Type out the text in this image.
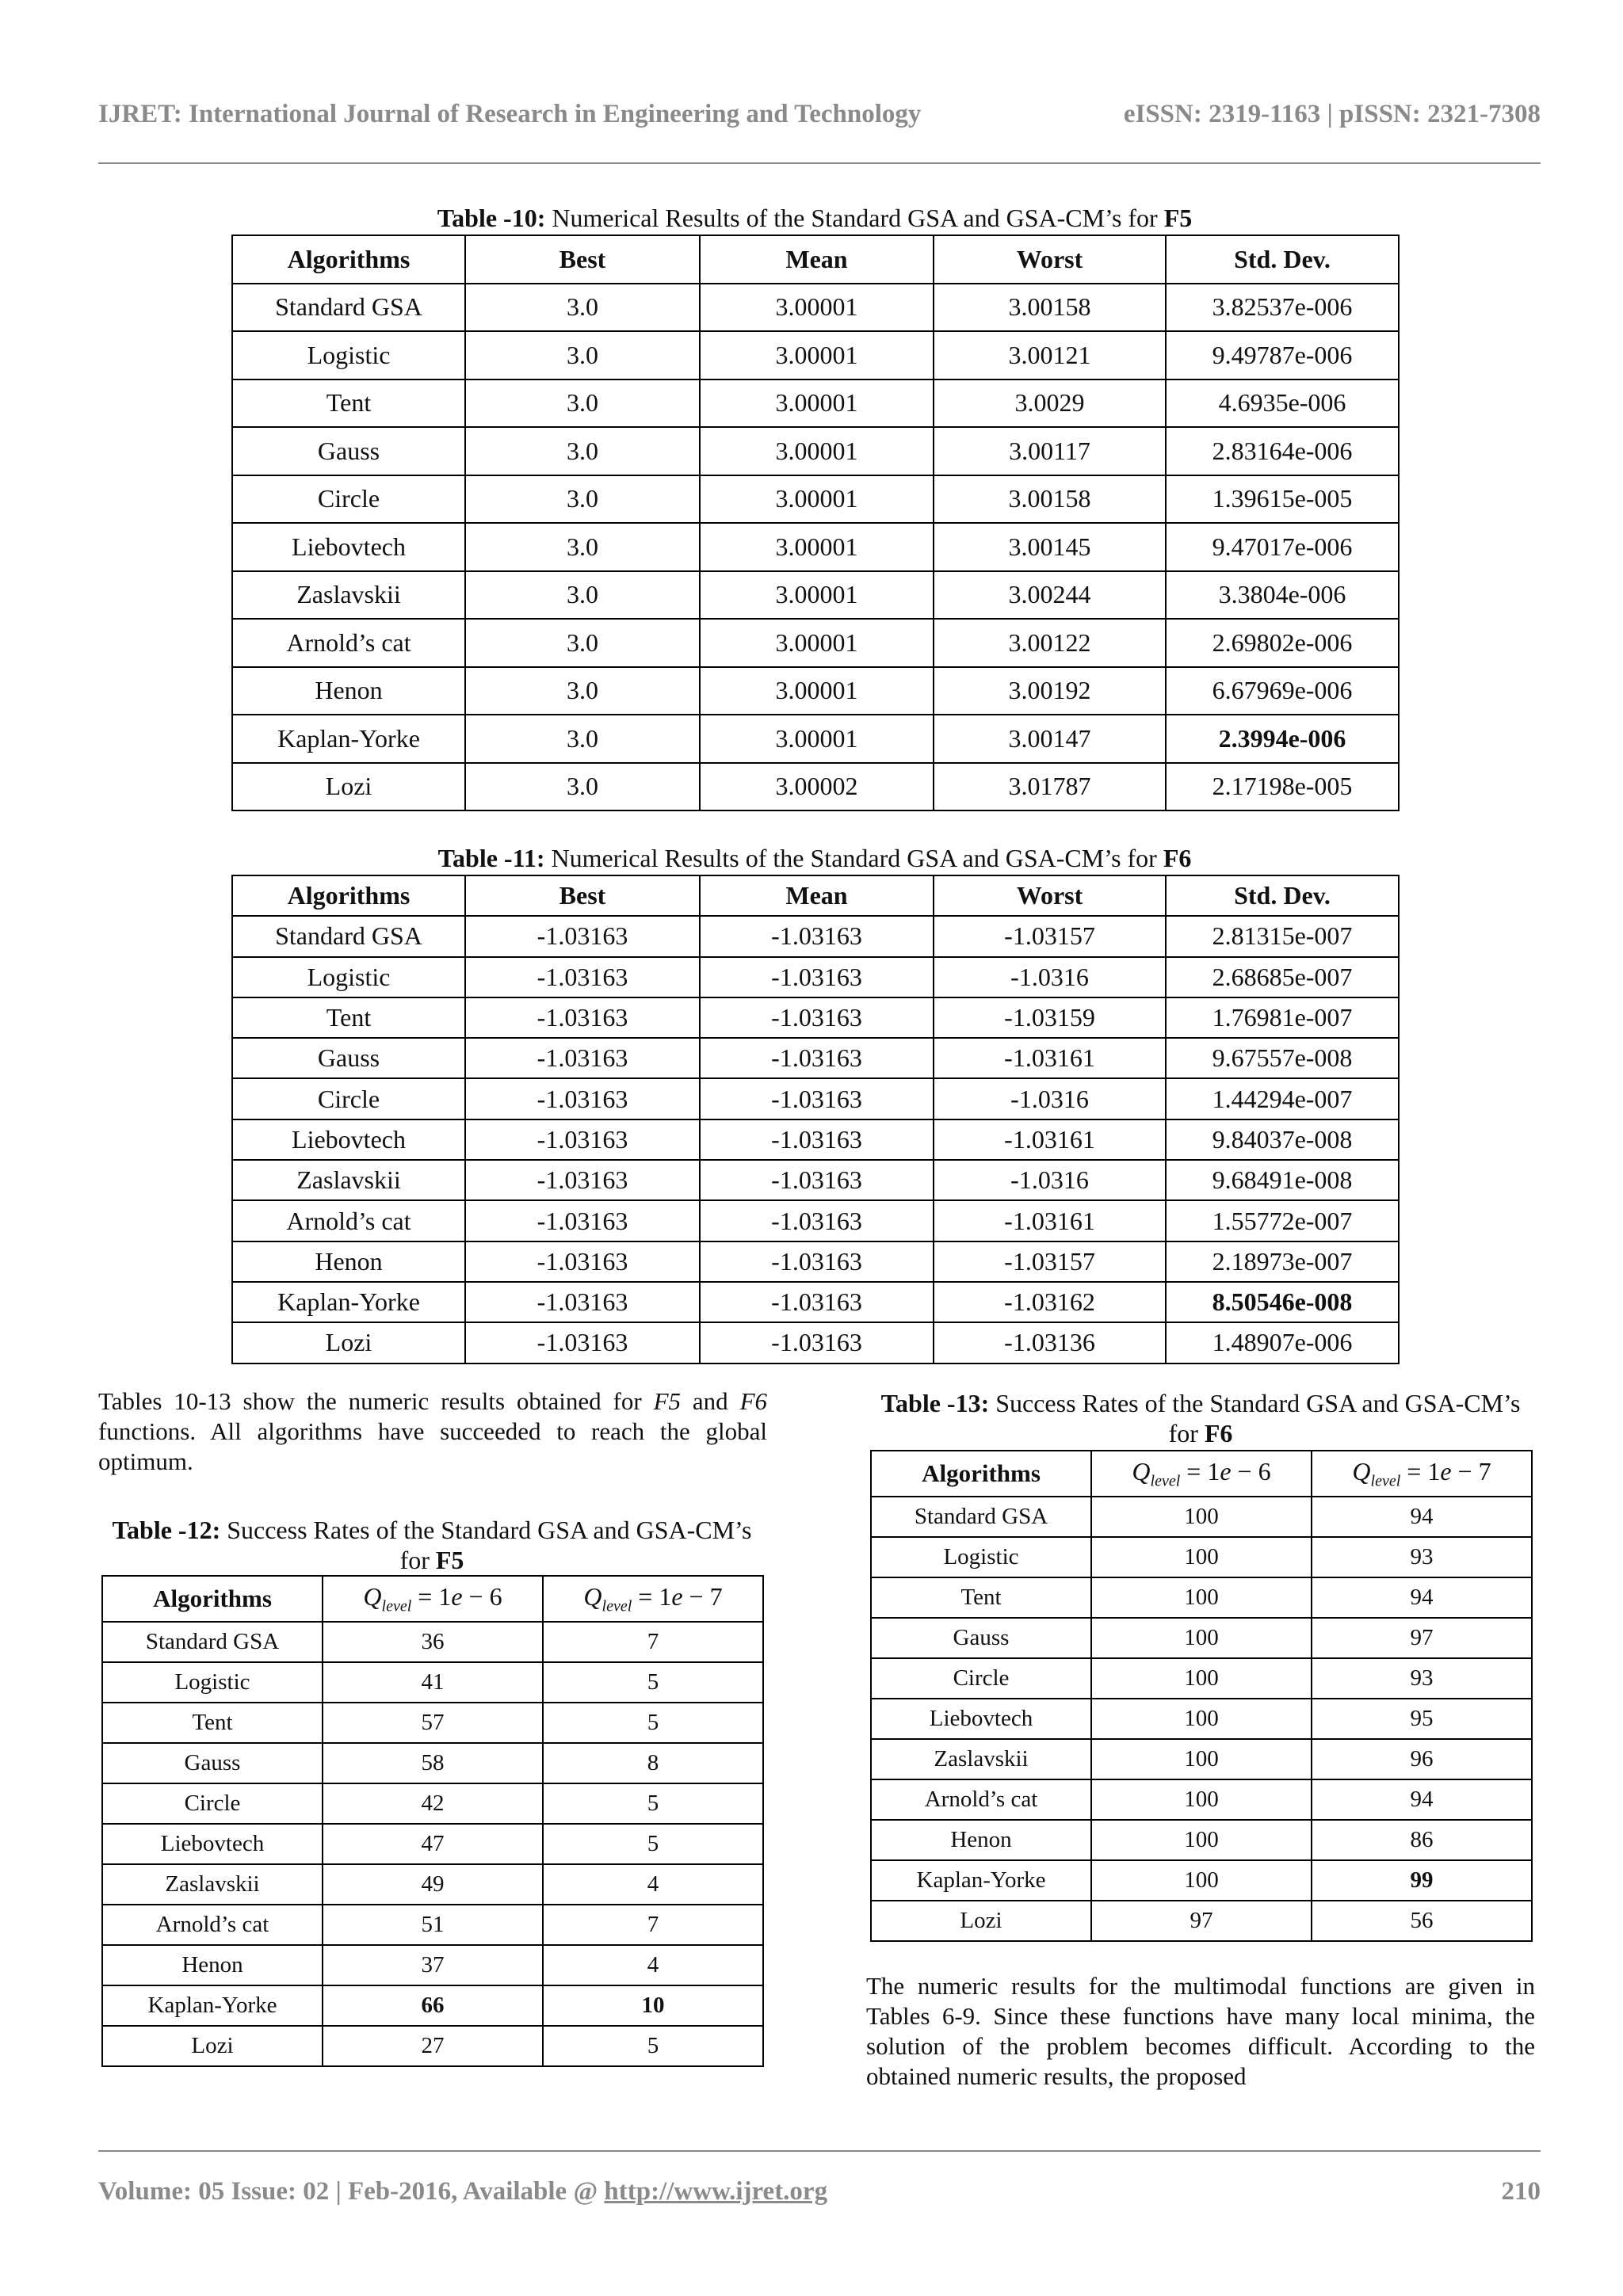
IJRET: International Journal of Research in Engineering and Technology	eISSN: 2319-1163 | pISSN: 2321-7308
Table -10: Numerical Results of the Standard GSA and GSA-CM’s for F5
Algorithms	Best	Mean	Worst	Std. Dev.
Standard GSA	3.0	3.00001	3.00158	3.82537e-006
Logistic	3.0	3.00001	3.00121	9.49787e-006
Tent	3.0	3.00001	3.0029	4.6935e-006
Gauss	3.0	3.00001	3.00117	2.83164e-006
Circle	3.0	3.00001	3.00158	1.39615e-005
Liebovtech	3.0	3.00001	3.00145	9.47017e-006
Zaslavskii	3.0	3.00001	3.00244	3.3804e-006
Arnold’s cat	3.0	3.00001	3.00122	2.69802e-006
Henon	3.0	3.00001	3.00192	6.67969e-006
Kaplan-Yorke	3.0	3.00001	3.00147	2.3994e-006
Lozi	3.0	3.00002	3.01787	2.17198e-005
Table -11: Numerical Results of the Standard GSA and GSA-CM’s for F6
Algorithms	Best	Mean	Worst	Std. Dev.
Standard GSA	-1.03163	-1.03163	-1.03157	2.81315e-007
Logistic	-1.03163	-1.03163	-1.0316	2.68685e-007
Tent	-1.03163	-1.03163	-1.03159	1.76981e-007
Gauss	-1.03163	-1.03163	-1.03161	9.67557e-008
Circle	-1.03163	-1.03163	-1.0316	1.44294e-007
Liebovtech	-1.03163	-1.03163	-1.03161	9.84037e-008
Zaslavskii	-1.03163	-1.03163	-1.0316	9.68491e-008
Arnold’s cat	-1.03163	-1.03163	-1.03161	1.55772e-007
Henon	-1.03163	-1.03163	-1.03157	2.18973e-007
Kaplan-Yorke	-1.03163	-1.03163	-1.03162	8.50546e-008
Lozi	-1.03163	-1.03163	-1.03136	1.48907e-006
Tables 10-13 show the numeric results obtained for F5 and F6 functions. All algorithms have succeeded to reach the global optimum.
Table -12: Success Rates of the Standard GSA and GSA-CM’s for F5
Algorithms	$Q_{level} = 1e - 6$	$Q_{level} = 1e - 7$
Standard GSA	36	7
Logistic	41	5
Tent	57	5
Gauss	58	8
Circle	42	5
Liebovtech	47	5
Zaslavskii	49	4
Arnold’s cat	51	7
Henon	37	4
Kaplan-Yorke	66	10
Lozi	27	5
Table -13: Success Rates of the Standard GSA and GSA-CM’s for F6
Algorithms	$Q_{level} = 1e - 6$	$Q_{level} = 1e - 7$
Standard GSA	100	94
Logistic	100	93
Tent	100	94
Gauss	100	97
Circle	100	93
Liebovtech	100	95
Zaslavskii	100	96
Arnold’s cat	100	94
Henon	100	86
Kaplan-Yorke	100	99
Lozi	97	56
The numeric results for the multimodal functions are given in Tables 6-9. Since these functions have many local minima, the solution of the problem becomes difficult. According to the obtained numeric results, the proposed
Volume: 05 Issue: 02 | Feb-2016, Available @ http://www.ijret.org	210
